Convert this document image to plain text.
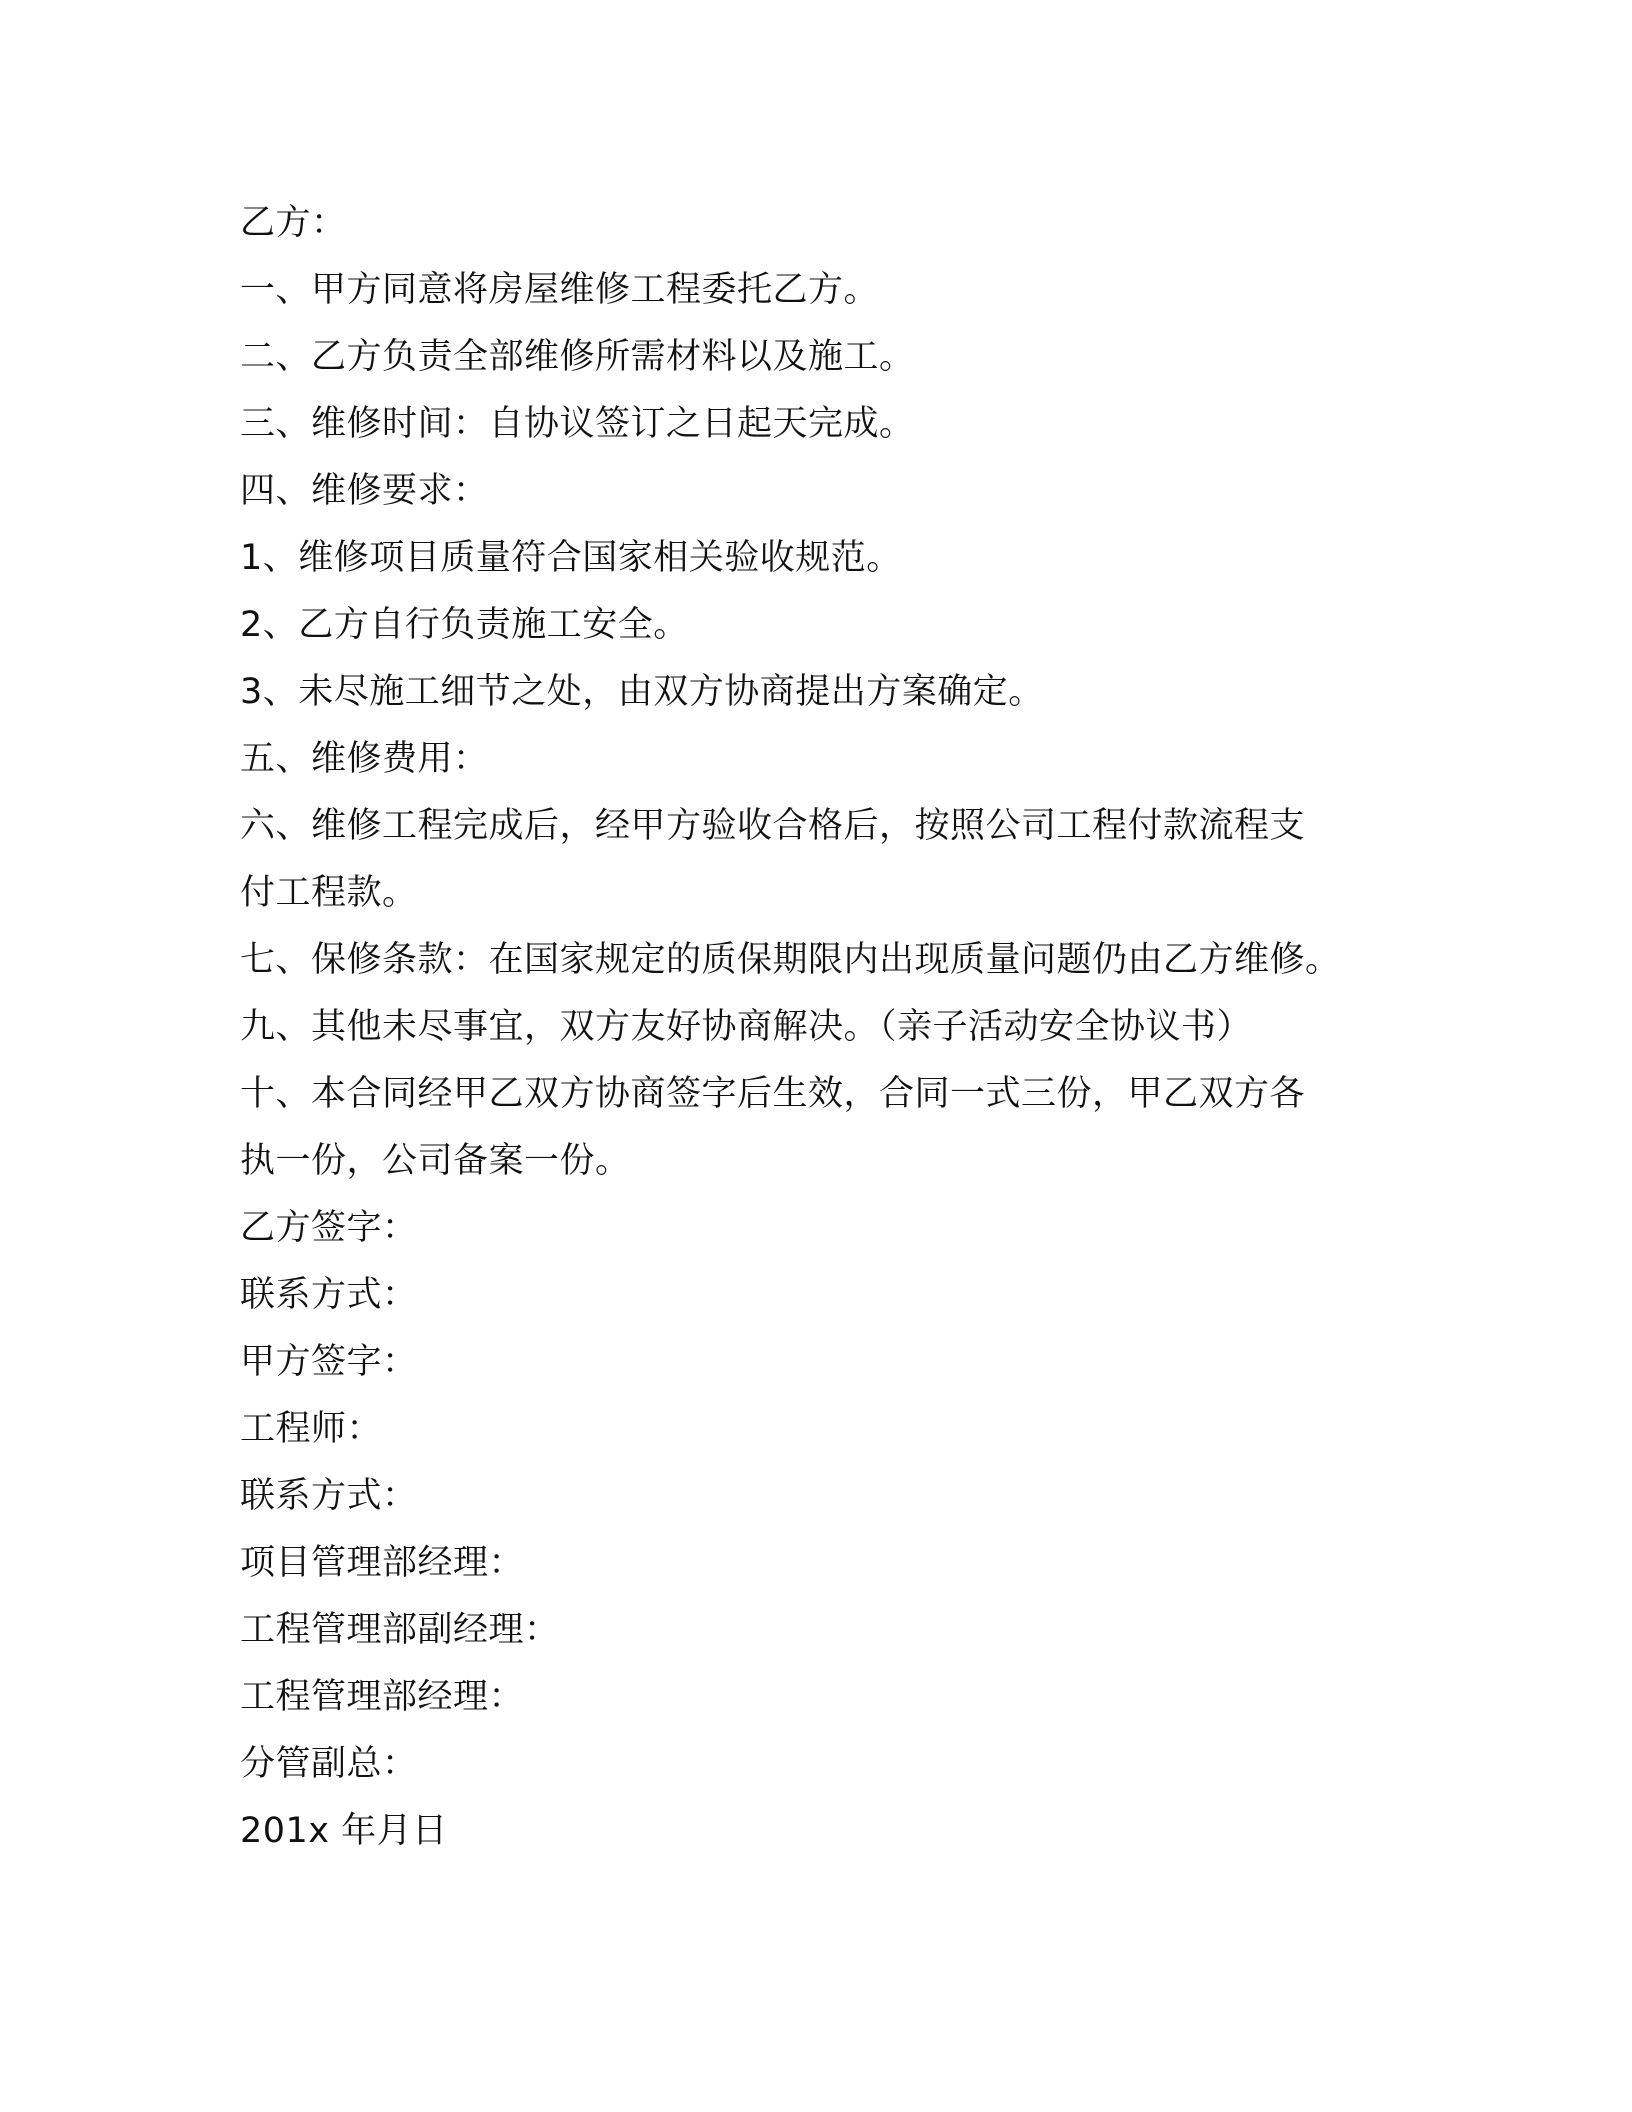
乙方：
一、甲方同意将房屋维修工程委托乙方。
二、乙方负责全部维修所需材料以及施工。
三、维修时间：自协议签订之日起天完成。
四、维修要求：
1、维修项目质量符合国家相关验收规范。
2、乙方自行负责施工安全。
3、未尽施工细节之处，由双方协商提出方案确定。
五、维修费用：
六、维修工程完成后，经甲方验收合格后，按照公司工程付款流程支
付工程款。
七、保修条款：在国家规定的质保期限内出现质量问题仍由乙方维修。
九、其他未尽事宜，双方友好协商解决。（亲子活动安全协议书）
十、本合同经甲乙双方协商签字后生效，合同一式三份，甲乙双方各
执一份，公司备案一份。
乙方签字：
联系方式：
甲方签字：
工程师：
联系方式：
项目管理部经理：
工程管理部副经理：
工程管理部经理：
分管副总：
201x 年月日
